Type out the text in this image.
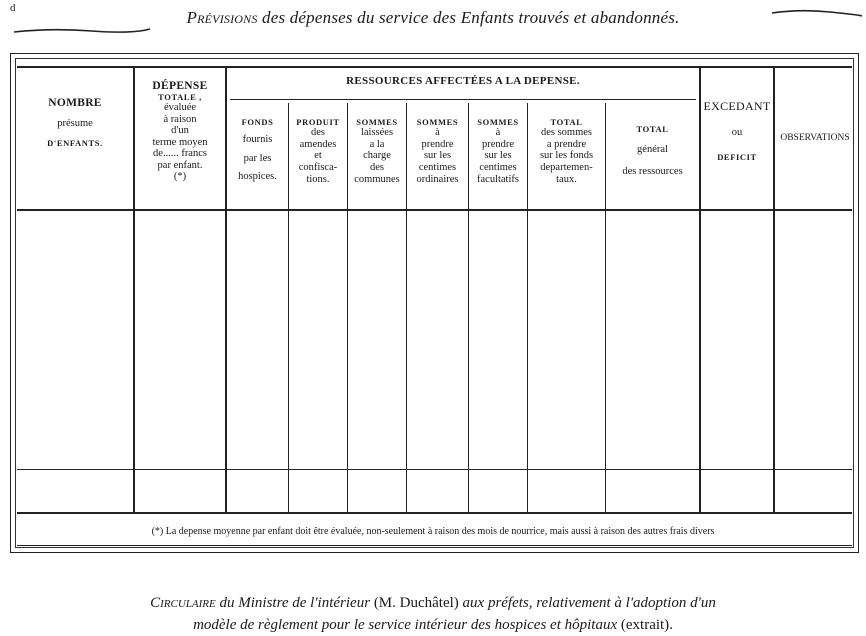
d	Prévisions des dépenses du service des Enfants trouvés et abandonnés.
NOMBRE
présume
D'ENFANTS.
DÉPENSE
TOTALE ,
évaluée
à raison
d'un
terme moyen
de...... francs
par enfant.
(*)
RESSOURCES AFFECTÉES A LA DEPENSE.
FONDS
fournis
par les
hospices.
PRODUIT
des
amendes
et
confisca-
tions.
SOMMES
laissées
a la
charge
des
communes
SOMMES
à
prendre
sur les
centimes
ordinaires
SOMMES
à
prendre
sur les
centimes
facultatifs
TOTAL
des sommes
a prendre
sur les fonds
departemen-
taux.
TOTAL
général
des ressources
EXCEDANT
ou
DEFICIT
OBSERVATIONS
(*) La depense moyenne par enfant doit être évaluée, non-seulement à raison des mois de nourrice, mais aussi à raison des autres frais divers
Circulaire du Ministre de l'intérieur (M. Duchâtel) aux préfets, relativement à l'adoption d'un
modèle de règlement pour le service intérieur des hospices et hôpitaux (extrait).
